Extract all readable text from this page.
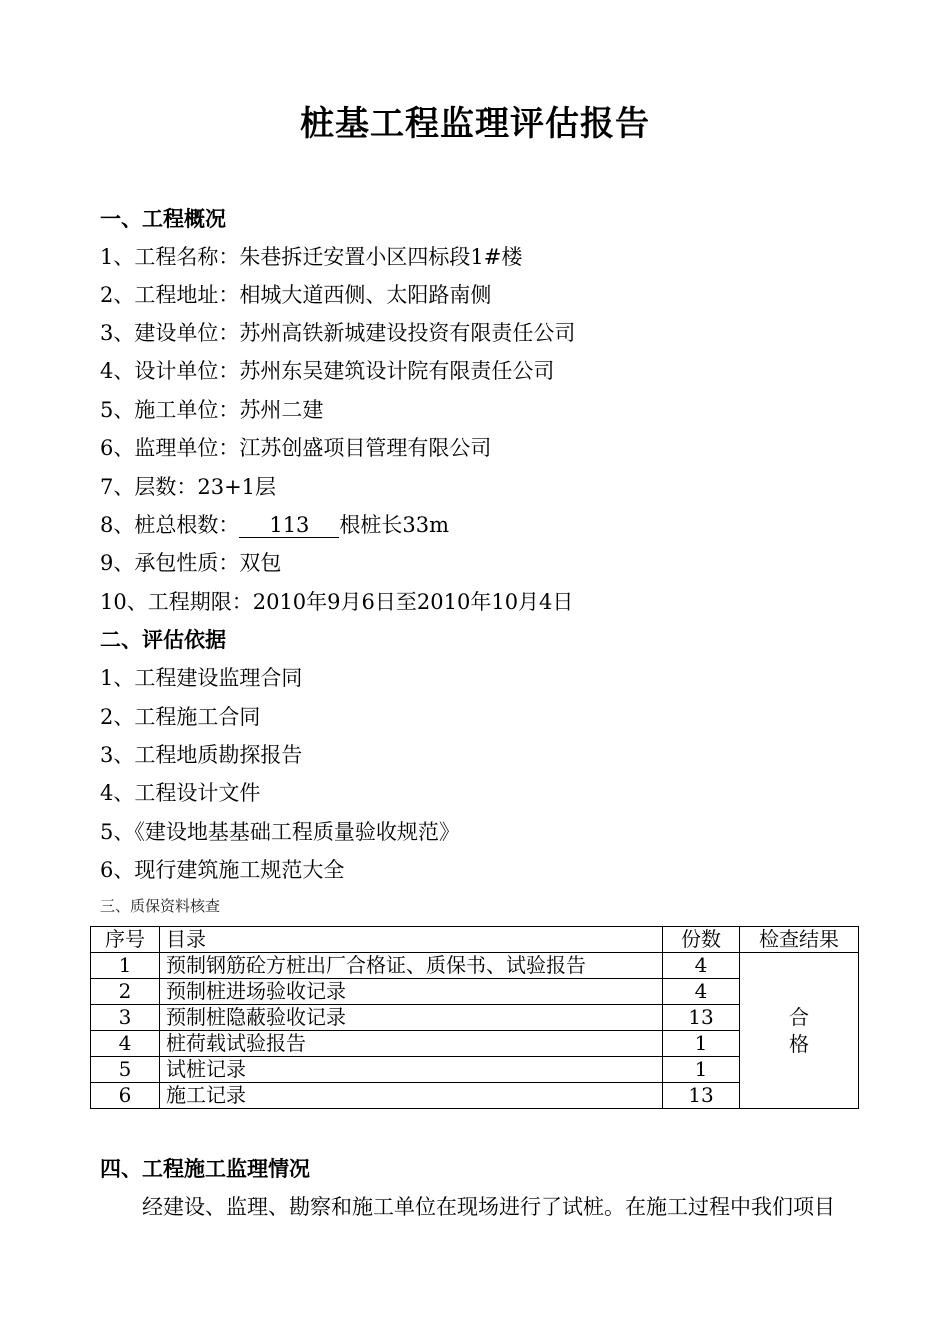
桩基工程监理评估报告
一、工程概况
1、工程名称：朱巷拆迁安置小区四标段1#楼
2、工程地址：相城大道西侧、太阳路南侧
3、建设单位：苏州高铁新城建设投资有限责任公司
4、设计单位：苏州东吴建筑设计院有限责任公司
5、施工单位：苏州二建
6、监理单位：江苏创盛项目管理有限公司
7、层数：23+1层
8、桩总根数： 113 根桩长33m
9、承包性质：双包
10、工程期限：2010年9月6日至2010年10月4日
二、评估依据
1、工程建设监理合同
2、工程施工合同
3、工程地质勘探报告
4、工程设计文件
5、《建设地基基础工程质量验收规范》
6、现行建筑施工规范大全
三、质保资料核查
序号	目录	份数	检查结果
1	预制钢筋砼方桩出厂合格证、质保书、试验报告	4	合格
2	预制桩进场验收记录	4	
3	预制桩隐蔽验收记录	13	
4	桩荷载试验报告	1	
5	试桩记录	1	
6	施工记录	13	
四、工程施工监理情况
经建设、监理、勘察和施工单位在现场进行了试桩。在施工过程中我们项目
